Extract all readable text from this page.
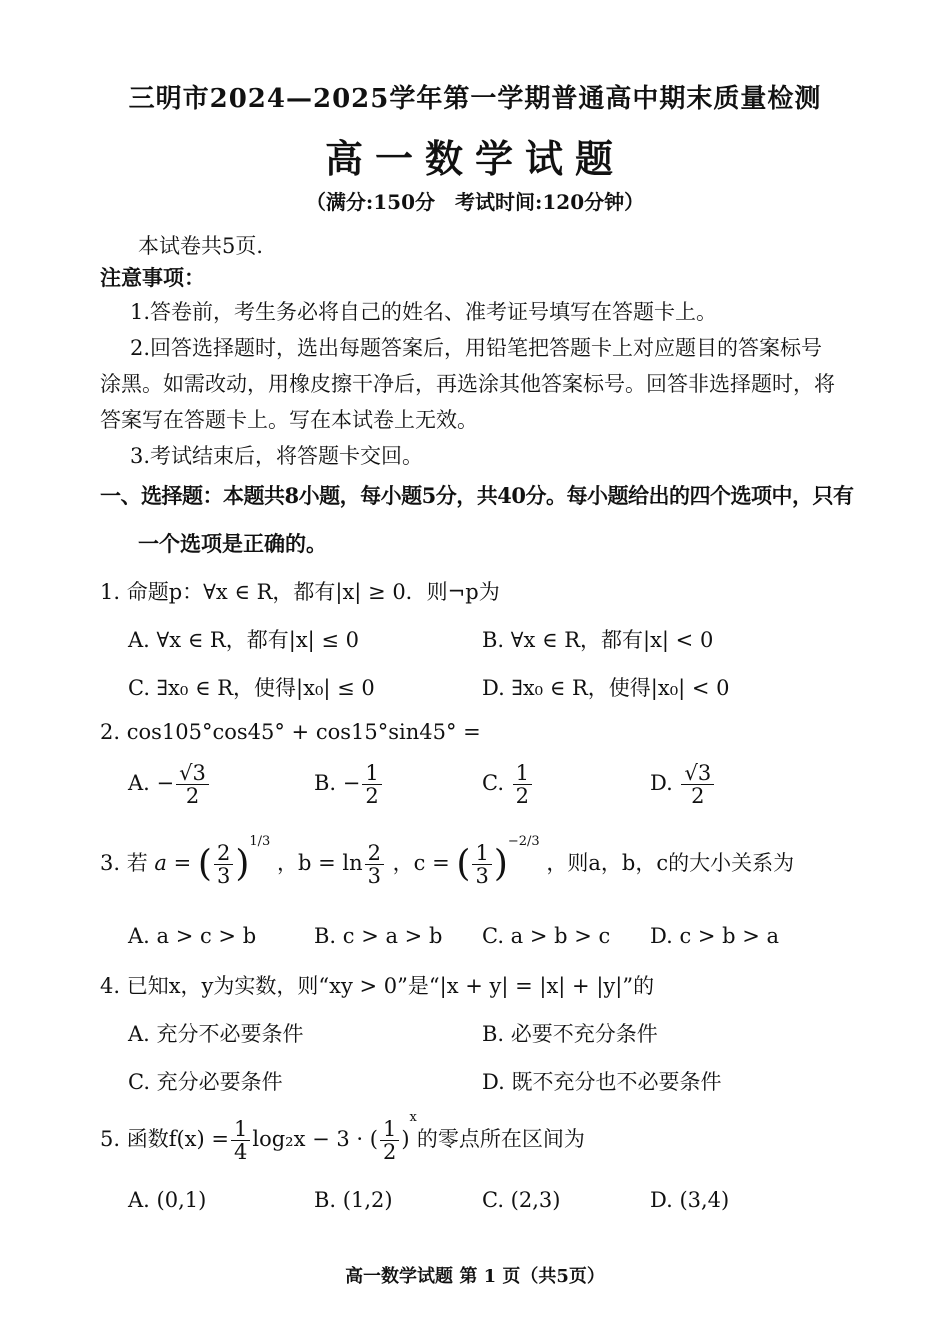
三明市2024—2025学年第一学期普通高中期末质量检测
高一数学试题
（满分:150分　考试时间:120分钟）
本试卷共5页．
注意事项：
1.答卷前，考生务必将自己的姓名、准考证号填写在答题卡上。
2.回答选择题时，选出每题答案后，用铅笔把答题卡上对应题目的答案标号
涂黑。如需改动，用橡皮擦干净后，再选涂其他答案标号。回答非选择题时，将
答案写在答题卡上。写在本试卷上无效。
3.考试结束后，将答题卡交回。
一、选择题：本题共8小题，每小题5分，共40分。每小题给出的四个选项中，只有
一个选项是正确的。
1. 命题p：∀x ∈ R，都有|x| ≥ 0．则¬p为
A. ∀x ∈ R，都有|x| ≤ 0	B. ∀x ∈ R，都有|x| < 0
C. ∃x₀ ∈ R，使得|x₀| ≤ 0	D. ∃x₀ ∈ R，使得|x₀| < 0
2. cos105°cos45° + cos15°sin45° =
A. − $\frac{√3}{2}$	B. − $\frac{1}{2}$	C. $\frac{1}{2}$	D. $\frac{√3}{2}$
3. 若 a = ( $\frac{2}{3} )^{1/3}$ ，$b = \ln \frac{2}{3}$ ，c = ( $\frac{1}{3} )^{-2/3}$ ，则a，b，c的大小关系为
A. a > c > b	B. c > a > b C. a > b > c D. c > b > a
4. 已知x，y为实数，则“xy > 0”是“|x + y| = |x| + |y|”的
A. 充分不必要条件	B. 必要不充分条件
C. 充分必要条件	D. 既不充分也不必要条件
5. 函数$f(x) = \frac{1}{4} \log_2x - 3$ · ( $\frac{1}{2} )^x$的零点所在区间为
A. (0,1)	B. (1,2)	C. (2,3)	D. (3,4)
高一数学试题 第 1 页（共5页）
